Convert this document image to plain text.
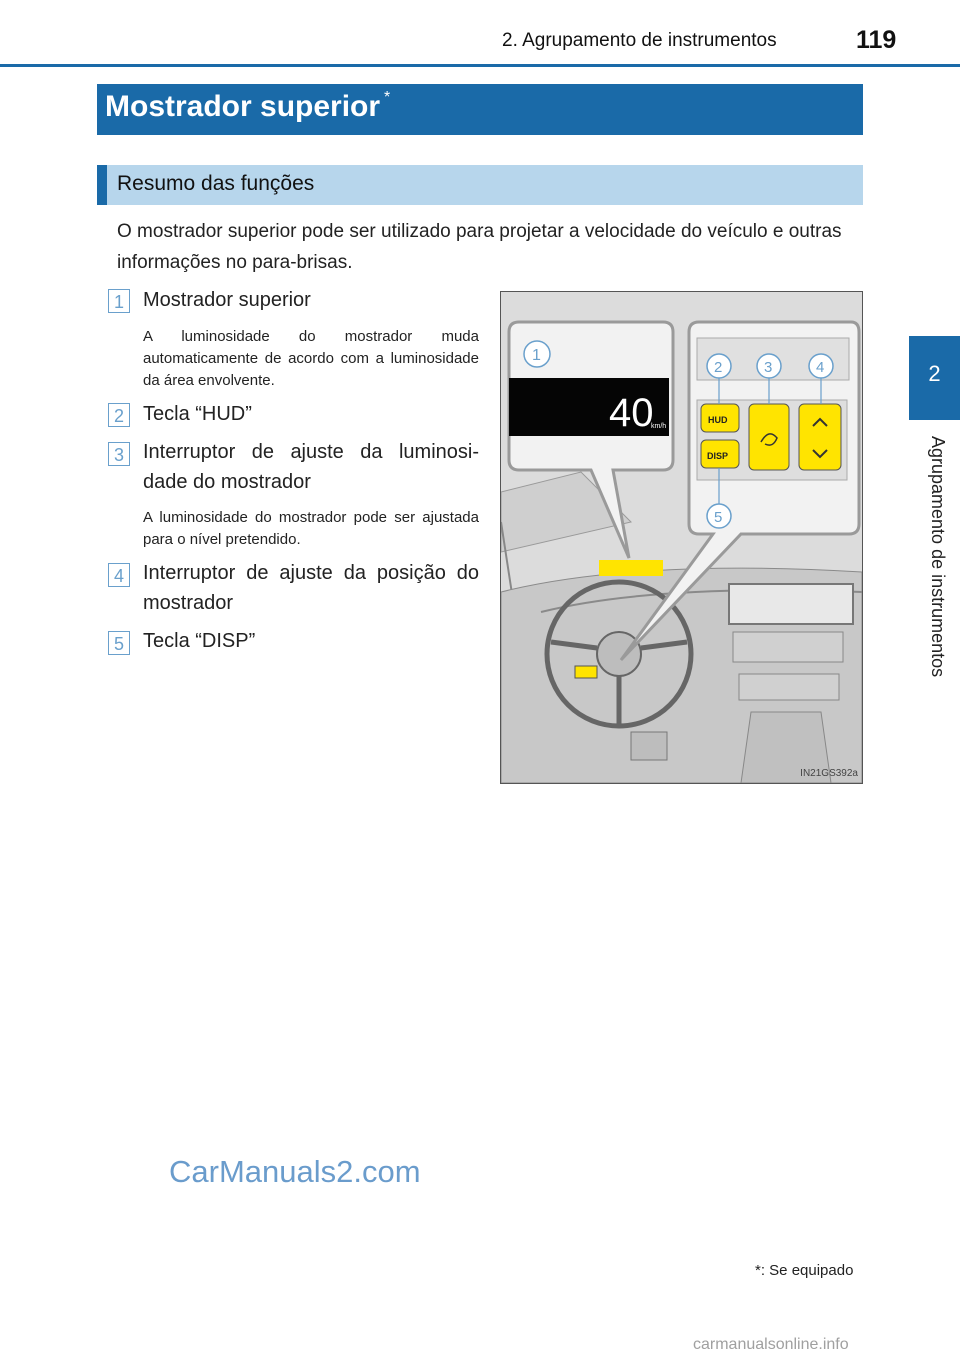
2. Agrupamento de instrumentos	119
2
Agrupamento de instrumentos
Mostrador superior *
Resumo das funções
O mostrador superior pode ser utilizado para projetar a velocidade do veículo e outras informações no para-brisas.
1 Mostrador superior
A luminosidade do mostrador muda automaticamente de acordo com a luminosidade da área envolvente.
2 Tecla “HUD”
3 Interruptor de ajuste da luminosi-dade do mostrador
A luminosidade do mostrador pode ser ajustada para o nível pretendido.
4 Interruptor de ajuste da posição do mostrador
5 Tecla “DISP”
40
km/h
1
HUD
DISP
2	3	4
5
IN21GS392a
*: Se equipado
CarManuals2.com
carmanualsonline.info
